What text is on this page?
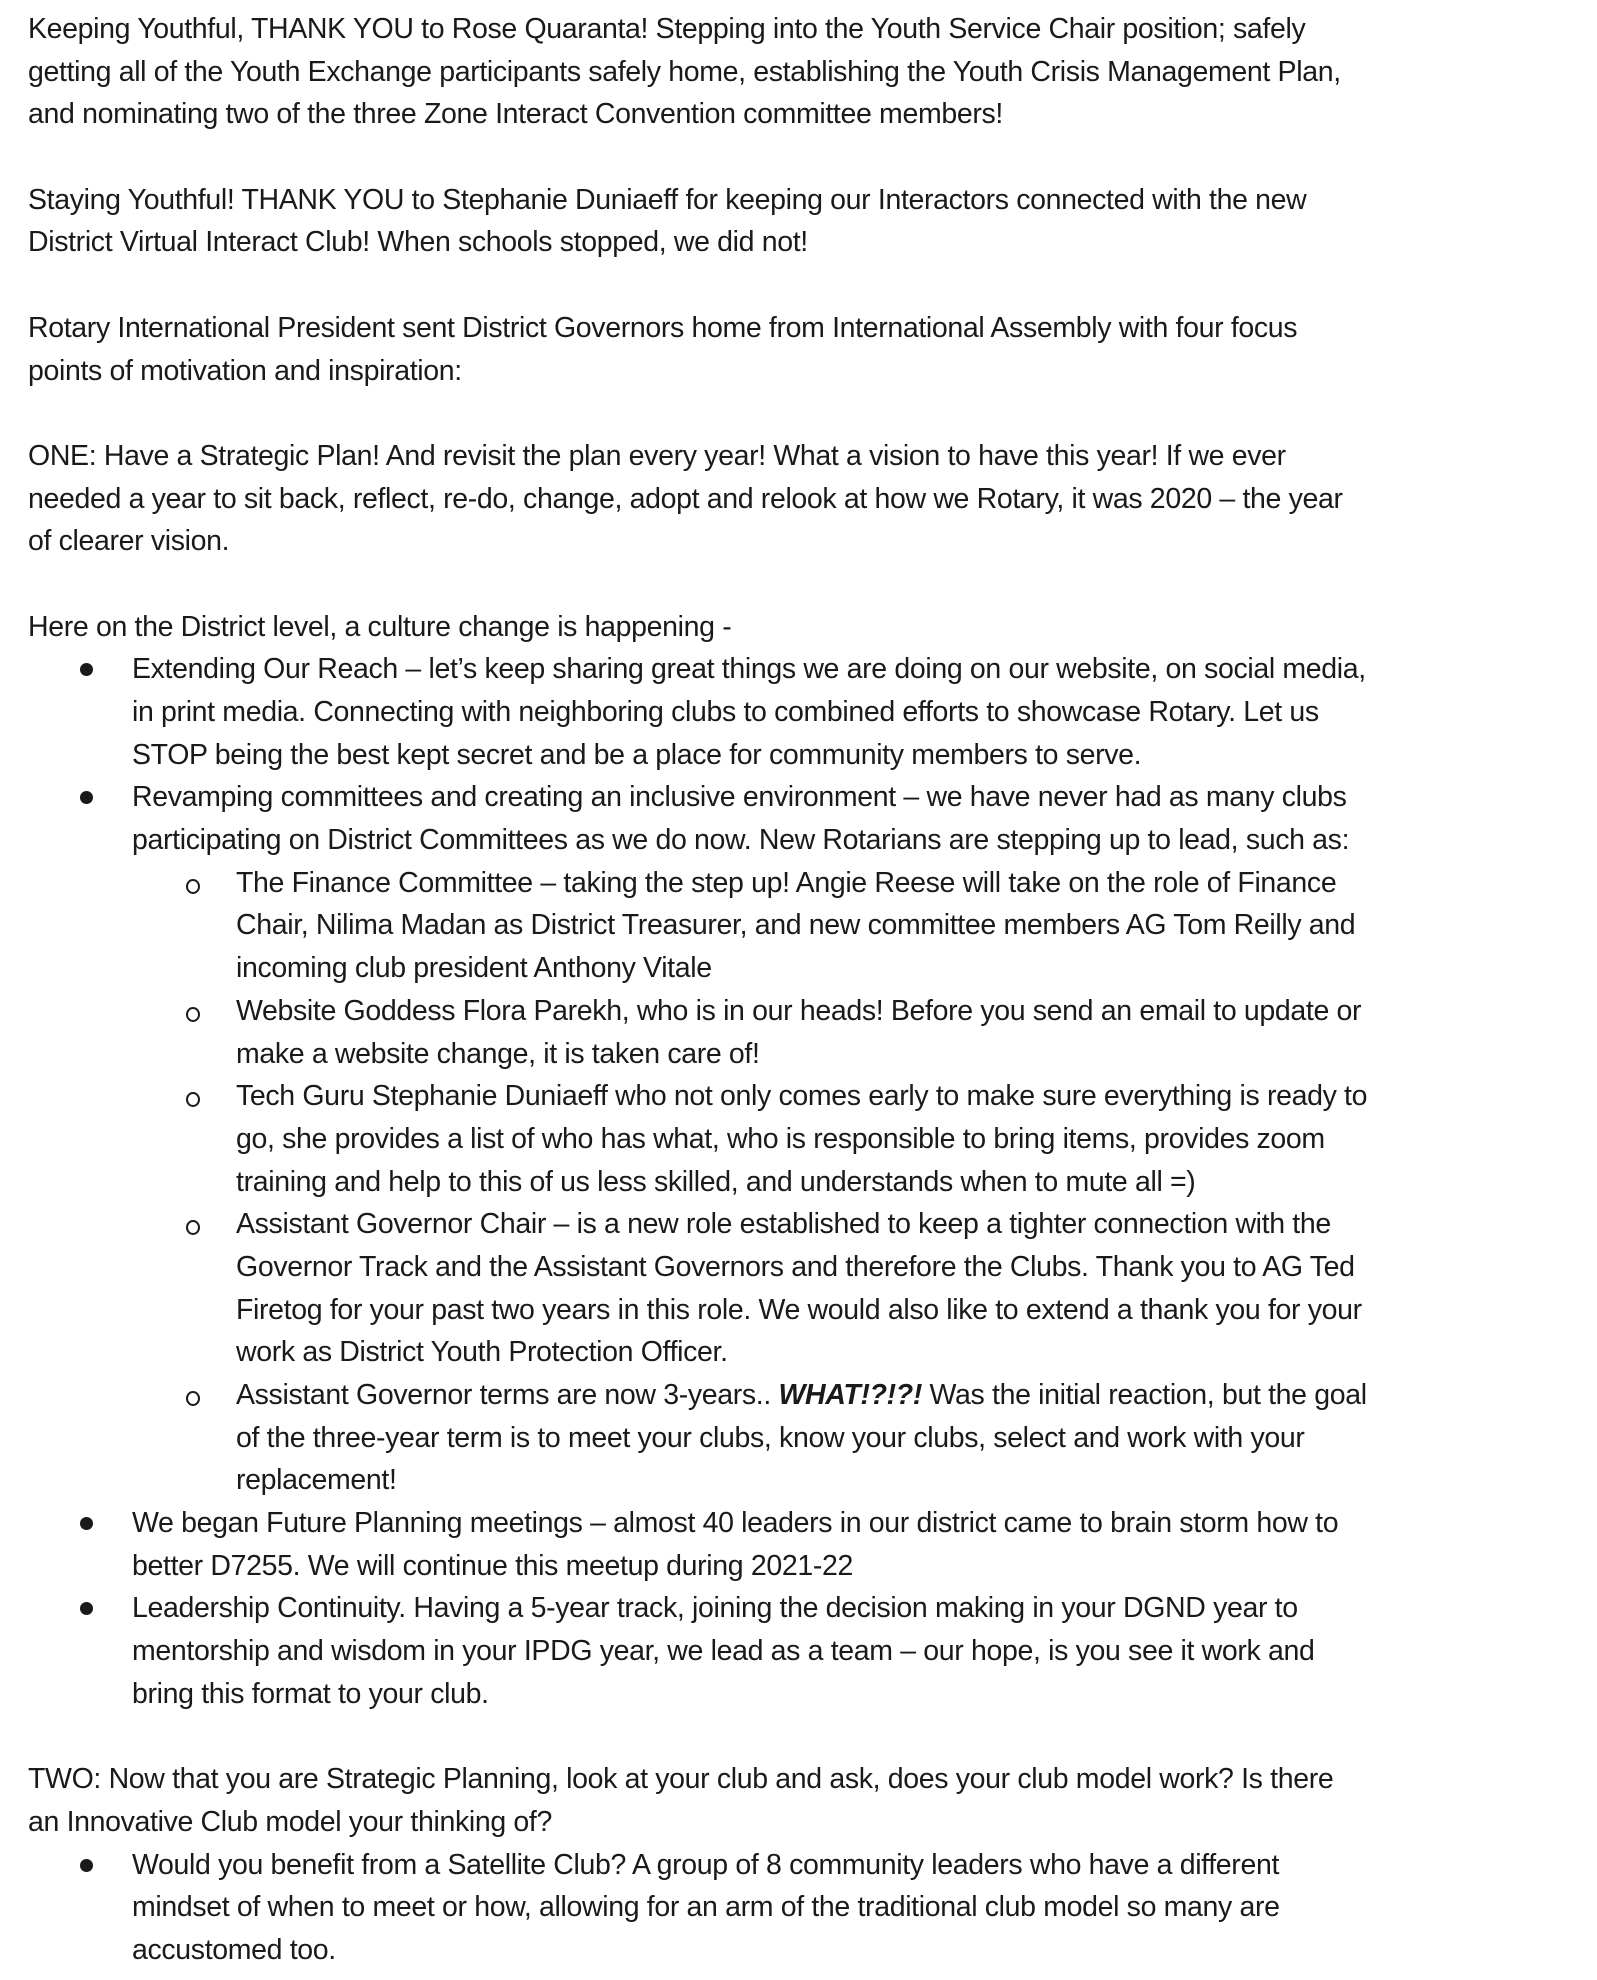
Keeping Youthful, THANK YOU to Rose Quaranta! Stepping into the Youth Service Chair position; safely
getting all of the Youth Exchange participants safely home, establishing the Youth Crisis Management Plan,
and nominating two of the three Zone Interact Convention committee members!
Staying Youthful! THANK YOU to Stephanie Duniaeff for keeping our Interactors connected with the new
District Virtual Interact Club! When schools stopped, we did not!
Rotary International President sent District Governors home from International Assembly with four focus
points of motivation and inspiration:
ONE: Have a Strategic Plan! And revisit the plan every year! What a vision to have this year! If we ever
needed a year to sit back, reflect, re-do, change, adopt and relook at how we Rotary, it was 2020 – the year
of clearer vision.
Here on the District level, a culture change is happening -
Extending Our Reach – let’s keep sharing great things we are doing on our website, on social media,
in print media. Connecting with neighboring clubs to combined efforts to showcase Rotary. Let us
STOP being the best kept secret and be a place for community members to serve.
Revamping committees and creating an inclusive environment – we have never had as many clubs
participating on District Committees as we do now. New Rotarians are stepping up to lead, such as:
The Finance Committee – taking the step up! Angie Reese will take on the role of Finance
Chair, Nilima Madan as District Treasurer, and new committee members AG Tom Reilly and
incoming club president Anthony Vitale
Website Goddess Flora Parekh, who is in our heads! Before you send an email to update or
make a website change, it is taken care of!
Tech Guru Stephanie Duniaeff who not only comes early to make sure everything is ready to
go, she provides a list of who has what, who is responsible to bring items, provides zoom
training and help to this of us less skilled, and understands when to mute all =)
Assistant Governor Chair – is a new role established to keep a tighter connection with the
Governor Track and the Assistant Governors and therefore the Clubs. Thank you to AG Ted
Firetog for your past two years in this role. We would also like to extend a thank you for your
work as District Youth Protection Officer.
Assistant Governor terms are now 3-years.. WHAT!?!?! Was the initial reaction, but the goal
of the three-year term is to meet your clubs, know your clubs, select and work with your
replacement!
We began Future Planning meetings – almost 40 leaders in our district came to brain storm how to
better D7255. We will continue this meetup during 2021-22
Leadership Continuity. Having a 5-year track, joining the decision making in your DGND year to
mentorship and wisdom in your IPDG year, we lead as a team – our hope, is you see it work and
bring this format to your club.
TWO: Now that you are Strategic Planning, look at your club and ask, does your club model work? Is there
an Innovative Club model your thinking of?
Would you benefit from a Satellite Club? A group of 8 community leaders who have a different
mindset of when to meet or how, allowing for an arm of the traditional club model so many are
accustomed too.
